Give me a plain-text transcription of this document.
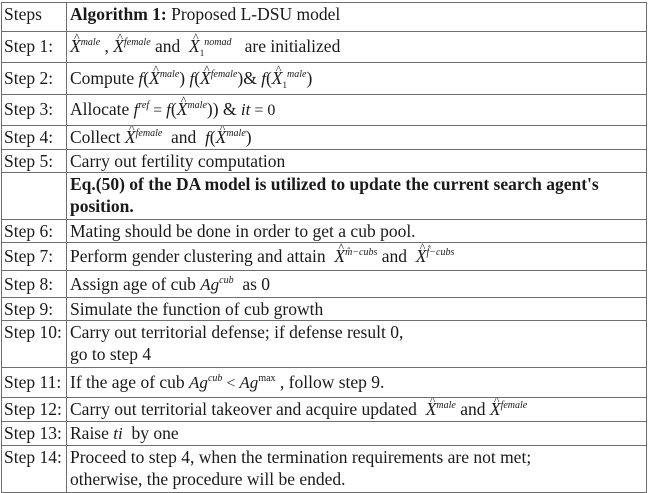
Steps	Algorithm 1: Proposed L-DSU model
Step 1:	^ $X^{male}$ , ^ $X^{female}$ and ^ $X_1^{nomad}$ are initialized
Step 2:	Compute f(^ $X^{male}$) f(^ $X^{female})\&$ f(^ $X_1^{male}$)
Step 3:	Allocate $f^{ref}$ = f(^ $X^{male}$)) & it = 0
Step 4:	Collect ^ $X^{female}$ and f(^ $X^{male}$)
Step 5:	Carry out fertility computation
	Eq.(50) of the DA model is utilized to update the current search agent's position.
Step 6:	Mating should be done in order to get a cub pool.
Step 7:	Perform gender clustering and attain ^ $X^{m̂-cubs}$ and ^ $X^{f̂-cubs}$
Step 8:	Assign age of cub $Ag^{cub}$ as 0
Step 9:	Simulate the function of cub growth
Step 10:	Carry out territorial defense; if defense result 0,
go to step 4

Step 11:	If the age of cub $Ag^{cub} < Ag^{max}$ , follow step 9.
Step 12:	Carry out territorial takeover and acquire updated ^ $X^{male}$ and ^ $X^{female}$
Step 13:	Raise ti by one
Step 14:	Proceed to step 4, when the termination requirements are not met;
otherwise, the procedure will be ended.
